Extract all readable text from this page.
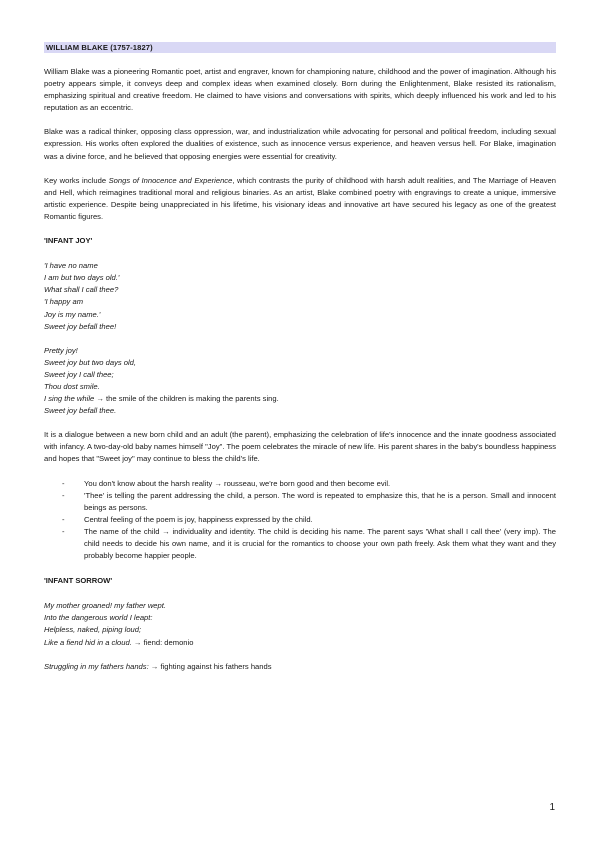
WILLIAM BLAKE (1757-1827)

William Blake was a pioneering Romantic poet, artist and engraver, known for championing nature, childhood and the power of imagination. Although his poetry appears simple, it conveys deep and complex ideas when examined closely. Born during the Enlightenment, Blake resisted its rationalism, emphasizing spiritual and creative freedom. He claimed to have visions and conversations with spirits, which deeply influenced his work and led to his reputation as an eccentric.

Blake was a radical thinker, opposing class oppression, war, and industrialization while advocating for personal and political freedom, including sexual expression. His works often explored the dualities of existence, such as innocence versus experience, and heaven versus hell. For Blake, imagination was a divine force, and he believed that opposing energies were essential for creativity.

Key works include Songs of Innocence and Experience, which contrasts the purity of childhood with harsh adult realities, and The Marriage of Heaven and Hell, which reimagines traditional moral and religious binaries. As an artist, Blake combined poetry with engravings to create a unique, immersive artistic experience. Despite being unappreciated in his lifetime, his visionary ideas and innovative art have secured his legacy as one of the greatest Romantic figures.

'INFANT JOY'
'I have no name
I am but two days old.'
What shall I call thee?
'I happy am
Joy is my name.'
Sweet joy befall thee!
Pretty joy!
Sweet joy but two days old,
Sweet joy I call thee;
Thou dost smile.
I sing the while → the smile of the children is making the parents sing.
Sweet joy befall thee.

It is a dialogue between a new born child and an adult (the parent), emphasizing the celebration of life's innocence and the innate goodness associated with infancy. A two-day-old baby names himself "Joy". The poem celebrates the miracle of new life. His parent shares in the baby's boundless happiness and hopes that "Sweet joy" may continue to bless the child's life.

-	You don't know about the harsh reality → rousseau, we're born good and then become evil.
-	'Thee' is telling the parent addressing the child, a person. The word is repeated to emphasize this, that he is a person. Small and innocent beings as persons.
-	Central feeling of the poem is joy, happiness expressed by the child.
-	The name of the child → individuality and identity. The child is deciding his name. The parent says 'What shall I call thee' (very imp). The child needs to decide his own name, and it is crucial for the romantics to choose your own path freely. Ask them what they want and they probably become happier people.
'INFANT SORROW'
My mother groaned! my father wept.
Into the dangerous world I leapt:
Helpless, naked, piping loud;
Like a fiend hid in a cloud. → fiend: demonio
Struggling in my fathers hands: → fighting against his fathers hands
1
